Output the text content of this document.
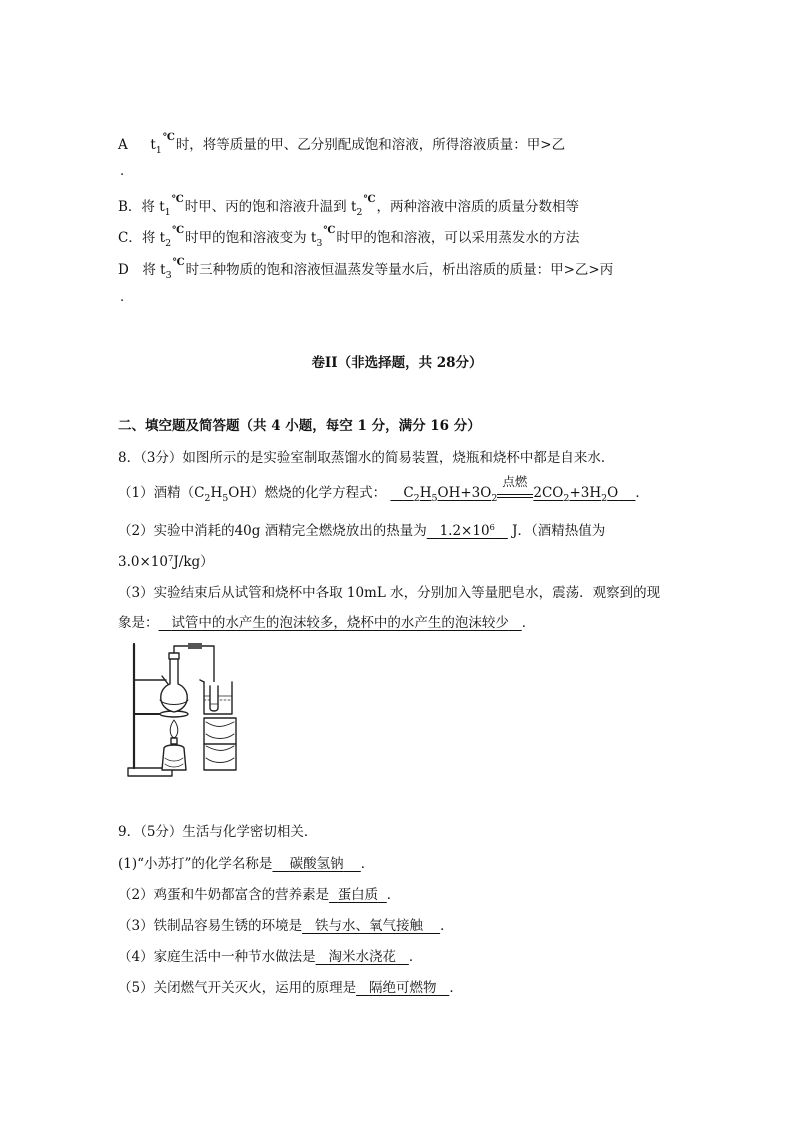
A $t_1^℃$时，将等质量的甲、乙分别配成饱和溶液，所得溶液质量：甲>乙
.
B．将 $t_1^℃$时甲、丙的饱和溶液升温到 $t_2^℃$，两种溶液中溶质的质量分数相等
C．将 $t_2^℃$时甲的饱和溶液变为 $t_3^℃$时甲的饱和溶液，可以采用蒸发水的方法
D　将 $t_3^℃$时三种物质的饱和溶液恒温蒸发等量水后，析出溶质的质量：甲>乙>丙
.
卷II（非选择题，共 28分）
二、填空题及简答题（共 4 小题，每空 1 分，满分 16 分）
8．（3分）如图所示的是实验室制取蒸馏水的简易装置，烧瓶和烧杯中都是自来水．
（1）酒精$(C_2H_5OH)$燃烧的化学方程式： $C_2H_5OH+3O_2$
点燃
$2CO_2+3H_2O$ ．
（2）实验中消耗的40g 酒精完全燃烧放出的热量为 $1.2\times 10^6$ J．（酒精热值为
$3.0\times 10^7J/kg$）
（3）实验结束后从试管和烧杯中各取 10mL 水，分别加入等量肥皂水，震荡．观察到的现
象是： 试管中的水产生的泡沫较多，烧杯中的水产生的泡沫较少 ．
9．（5分）生活与化学密切相关．
(1)“小苏打”的化学名称是 碳酸氢钠 ．
（2）鸡蛋和牛奶都富含的营养素是 蛋白质 ．
（3）铁制品容易生锈的环境是 铁与水、氧气接触 ．
（4）家庭生活中一种节水做法是 淘米水浇花 ．
（5）关闭燃气开关灭火，运用的原理是 隔绝可燃物 ．
